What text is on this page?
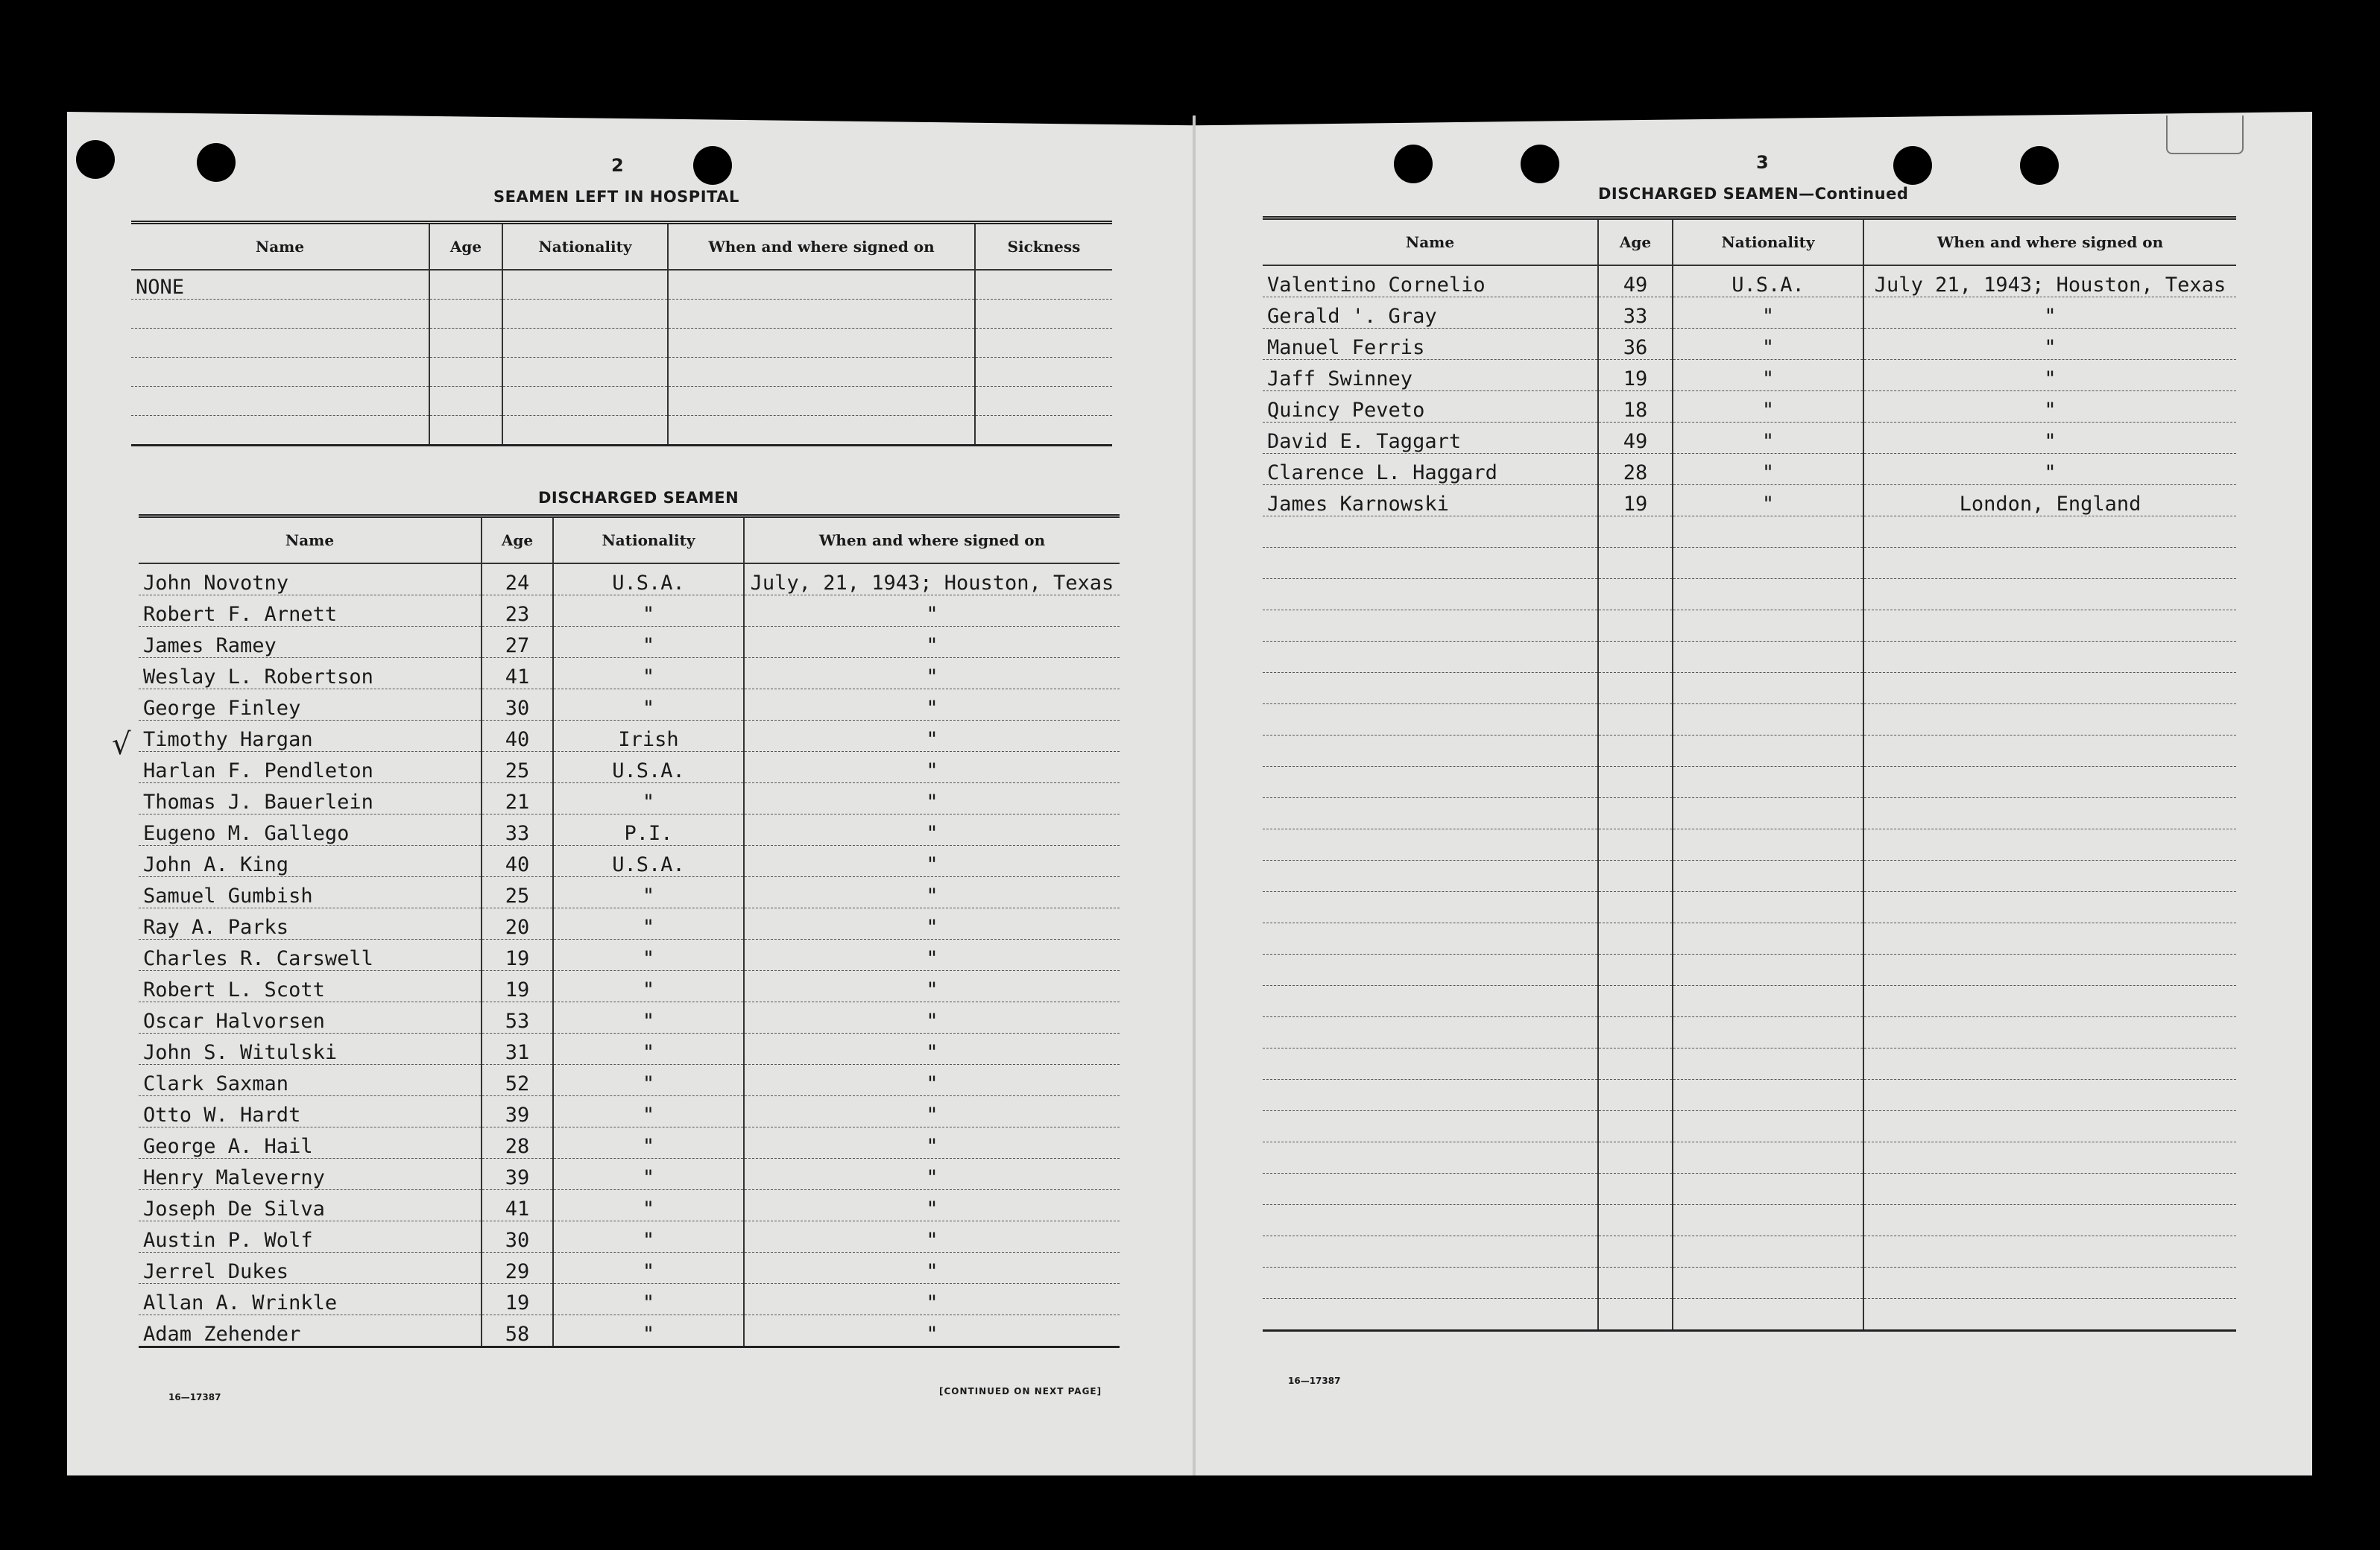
2
SEAMEN LEFT IN HOSPITAL
Name	Age	Nationality	When and where signed on	Sickness
NONE				

DISCHARGED SEAMEN
Name	Age	Nationality	When and where signed on
John Novotny	24	U.S.A.	July, 21, 1943; Houston, Texas
Robert F. Arnett	23	"	"
James Ramey	27	"	"
Weslay L. Robertson	41	"	"
George Finley	30	"	"
Timothy Hargan	40	Irish	"
Harlan F. Pendleton	25	U.S.A.	"
Thomas J. Bauerlein	21	"	"
Eugeno M. Gallego	33	P.I.	"
John A. King	40	U.S.A.	"
Samuel Gumbish	25	"	"
Ray A. Parks	20	"	"
Charles R. Carswell	19	"	"
Robert L. Scott	19	"	"
Oscar Halvorsen	53	"	"
John S. Witulski	31	"	"
Clark Saxman	52	"	"
Otto W. Hardt	39	"	"
George A. Hail	28	"	"
Henry Maleverny	39	"	"
Joseph De Silva	41	"	"
Austin P. Wolf	30	"	"
Jerrel Dukes	29	"	"
Allan A. Wrinkle	19	"	"
Adam Zehender	58	"	"
√
16—17387
[CONTINUED ON NEXT PAGE]
3
DISCHARGED SEAMEN—Continued
Name	Age	Nationality	When and where signed on
Valentino Cornelio	49	U.S.A.	July 21, 1943; Houston, Texas
Gerald '. Gray	33	"	"
Manuel Ferris	36	"	"
Jaff Swinney	19	"	"
Quincy Peveto	18	"	"
David E. Taggart	49	"	"
Clarence L. Haggard	28	"	"
James Karnowski	19	"	London, England

16—17387
